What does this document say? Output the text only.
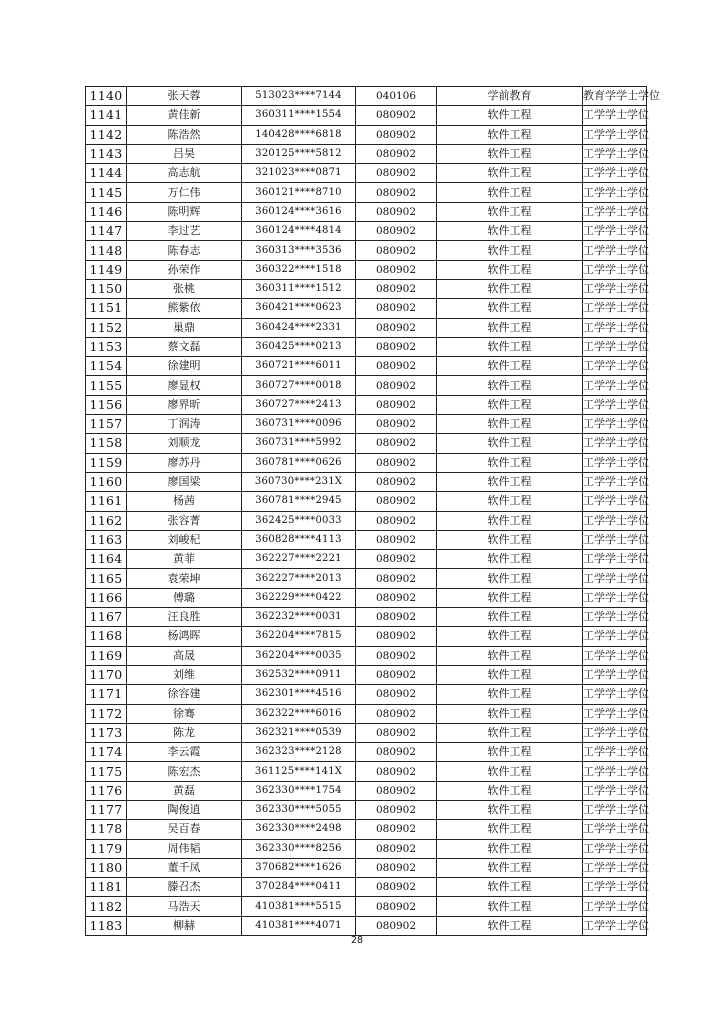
1140	张天蓉	513023****7144	040106	学前教育	教育学学士学位
1141	黄佳新	360311****1554	080902	软件工程	工学学士学位
1142	陈浩然	140428****6818	080902	软件工程	工学学士学位
1143	吕昊	320125****5812	080902	软件工程	工学学士学位
1144	高志航	321023****0871	080902	软件工程	工学学士学位
1145	万仁伟	360121****8710	080902	软件工程	工学学士学位
1146	陈明辉	360124****3616	080902	软件工程	工学学士学位
1147	李过艺	360124****4814	080902	软件工程	工学学士学位
1148	陈春志	360313****3536	080902	软件工程	工学学士学位
1149	孙荣作	360322****1518	080902	软件工程	工学学士学位
1150	张桃	360311****1512	080902	软件工程	工学学士学位
1151	熊紫依	360421****0623	080902	软件工程	工学学士学位
1152	巢鼎	360424****2331	080902	软件工程	工学学士学位
1153	蔡文磊	360425****0213	080902	软件工程	工学学士学位
1154	徐建明	360721****6011	080902	软件工程	工学学士学位
1155	廖显权	360727****0018	080902	软件工程	工学学士学位
1156	廖界昕	360727****2413	080902	软件工程	工学学士学位
1157	丁润涛	360731****0096	080902	软件工程	工学学士学位
1158	刘顺龙	360731****5992	080902	软件工程	工学学士学位
1159	廖苏丹	360781****0626	080902	软件工程	工学学士学位
1160	廖国梁	360730****231X	080902	软件工程	工学学士学位
1161	杨茜	360781****2945	080902	软件工程	工学学士学位
1162	张容菁	362425****0033	080902	软件工程	工学学士学位
1163	刘峻杞	360828****4113	080902	软件工程	工学学士学位
1164	黄菲	362227****2221	080902	软件工程	工学学士学位
1165	袁荣坤	362227****2013	080902	软件工程	工学学士学位
1166	傅璐	362229****0422	080902	软件工程	工学学士学位
1167	汪良胜	362232****0031	080902	软件工程	工学学士学位
1168	杨鸿晖	362204****7815	080902	软件工程	工学学士学位
1169	高晟	362204****0035	080902	软件工程	工学学士学位
1170	刘维	362532****0911	080902	软件工程	工学学士学位
1171	徐容建	362301****4516	080902	软件工程	工学学士学位
1172	徐骞	362322****6016	080902	软件工程	工学学士学位
1173	陈龙	362321****0539	080902	软件工程	工学学士学位
1174	李云霞	362323****2128	080902	软件工程	工学学士学位
1175	陈宏杰	361125****141X	080902	软件工程	工学学士学位
1176	黄磊	362330****1754	080902	软件工程	工学学士学位
1177	陶俊逍	362330****5055	080902	软件工程	工学学士学位
1178	吴百春	362330****2498	080902	软件工程	工学学士学位
1179	周伟韬	362330****8256	080902	软件工程	工学学士学位
1180	董千凤	370682****1626	080902	软件工程	工学学士学位
1181	滕召杰	370284****0411	080902	软件工程	工学学士学位
1182	马浩天	410381****5515	080902	软件工程	工学学士学位
1183	柳赫	410381****4071	080902	软件工程	工学学士学位
28
